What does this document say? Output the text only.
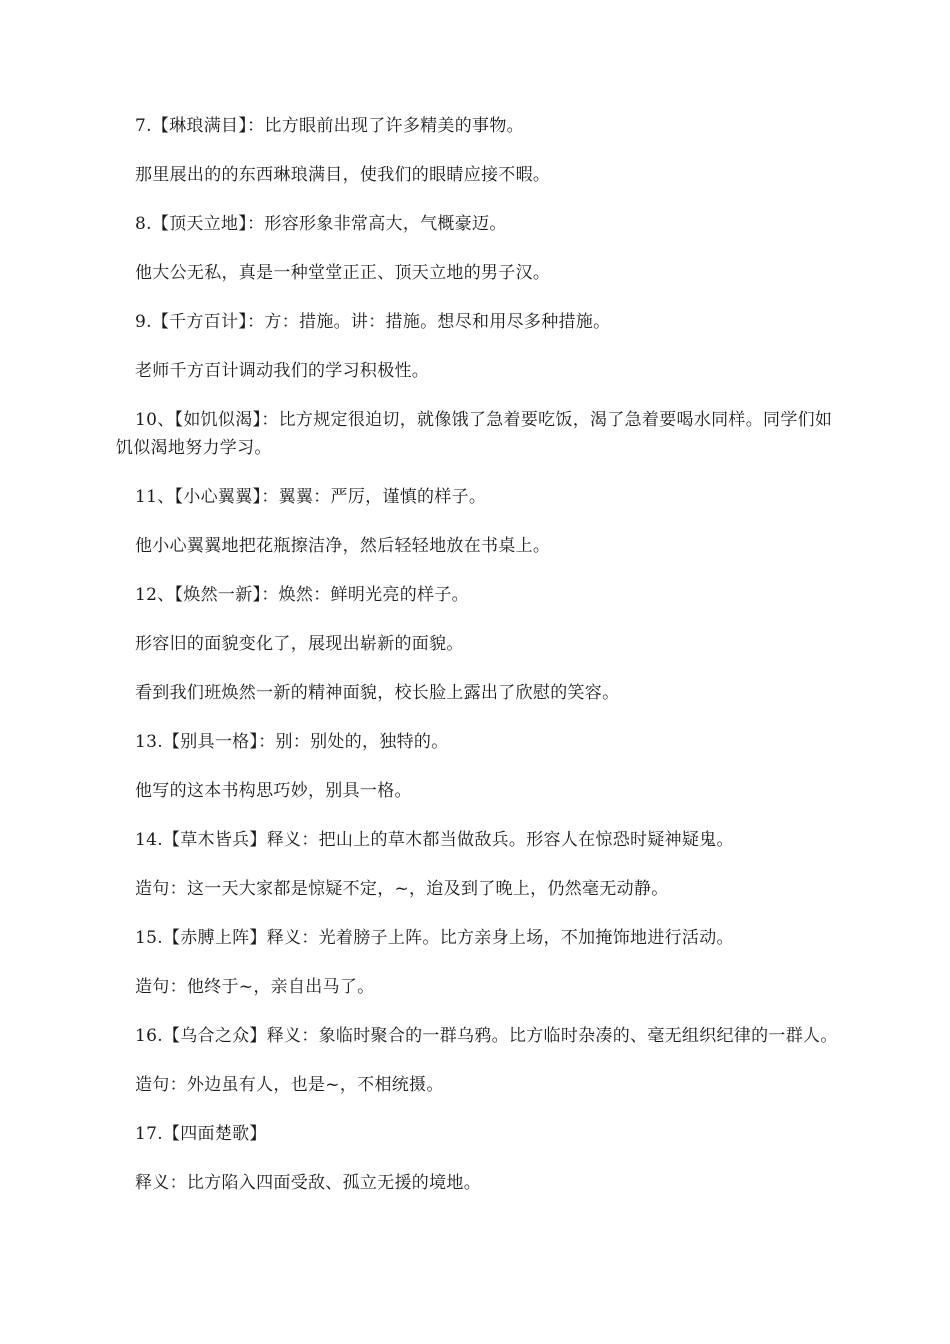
7.【琳琅满目】：比方眼前出现了许多精美的事物。

那里展出的的东西琳琅满目，使我们的眼睛应接不暇。

8.【顶天立地】：形容形象非常高大，气概豪迈。

他大公无私，真是一种堂堂正正、顶天立地的男子汉。

9.【千方百计】：方：措施。讲：措施。想尽和用尽多种措施。

老师千方百计调动我们的学习积极性。

10、【如饥似渴】：比方规定很迫切，就像饿了急着要吃饭，渴了急着要喝水同样。同学们如饥似渴地努力学习。

11、【小心翼翼】：翼翼：严厉，谨慎的样子。

他小心翼翼地把花瓶擦洁净，然后轻轻地放在书桌上。

12、【焕然一新】：焕然：鲜明光亮的样子。

形容旧的面貌变化了，展现出崭新的面貌。

看到我们班焕然一新的精神面貌，校长脸上露出了欣慰的笑容。

13.【别具一格】：别：别处的，独特的。

他写的这本书构思巧妙，别具一格。

14.【草木皆兵】释义：把山上的草木都当做敌兵。形容人在惊恐时疑神疑鬼。

造句：这一天大家都是惊疑不定，~，迨及到了晚上，仍然毫无动静。

15.【赤膊上阵】释义：光着膀子上阵。比方亲身上场，不加掩饰地进行活动。

造句：他终于~，亲自出马了。

16.【乌合之众】释义：象临时聚合的一群乌鸦。比方临时杂凑的、毫无组织纪律的一群人。

造句：外边虽有人，也是~，不相统摄。

17.【四面楚歌】

释义：比方陷入四面受敌、孤立无援的境地。
